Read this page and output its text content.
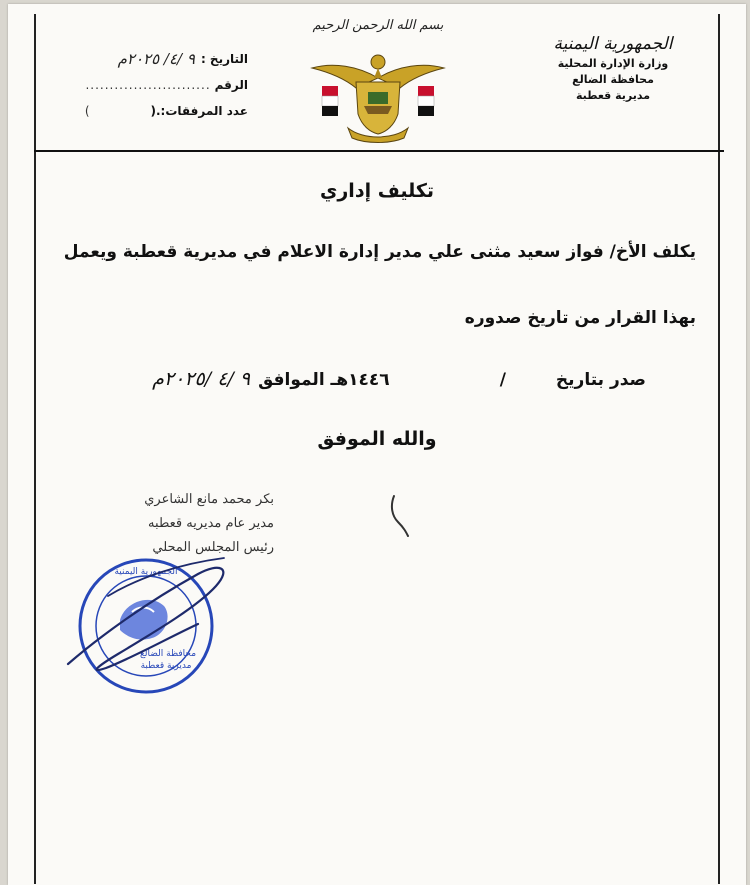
الجمهورية اليمنية
وزارة الإدارة المحلية
محافظة الضالع
مديرية قعطبة
بسم الله الرحمن الرحيم
التاريخ :
٩ /٤/ ٢٠٢٥م
الرقم
..........................
عدد المرفقات:.(
)
تكليف إداري
يكلف الأخ/ فواز سعيد مثنى علي مدير إدارة الاعلام في مديرية قعطبة ويعمل
بهذا القرار من تاريخ صدوره
صدر بتاريخ
/
١٤٤٦هـ الموافق
٩ /٤ /٢٠٢٥م
والله الموفق
بكر محمد مانع الشاعري
مدير عام مديريه قعطبه
رئيس المجلس المحلي
محافظة الضالع
مديرية قعطبة
الجمهورية اليمنية
